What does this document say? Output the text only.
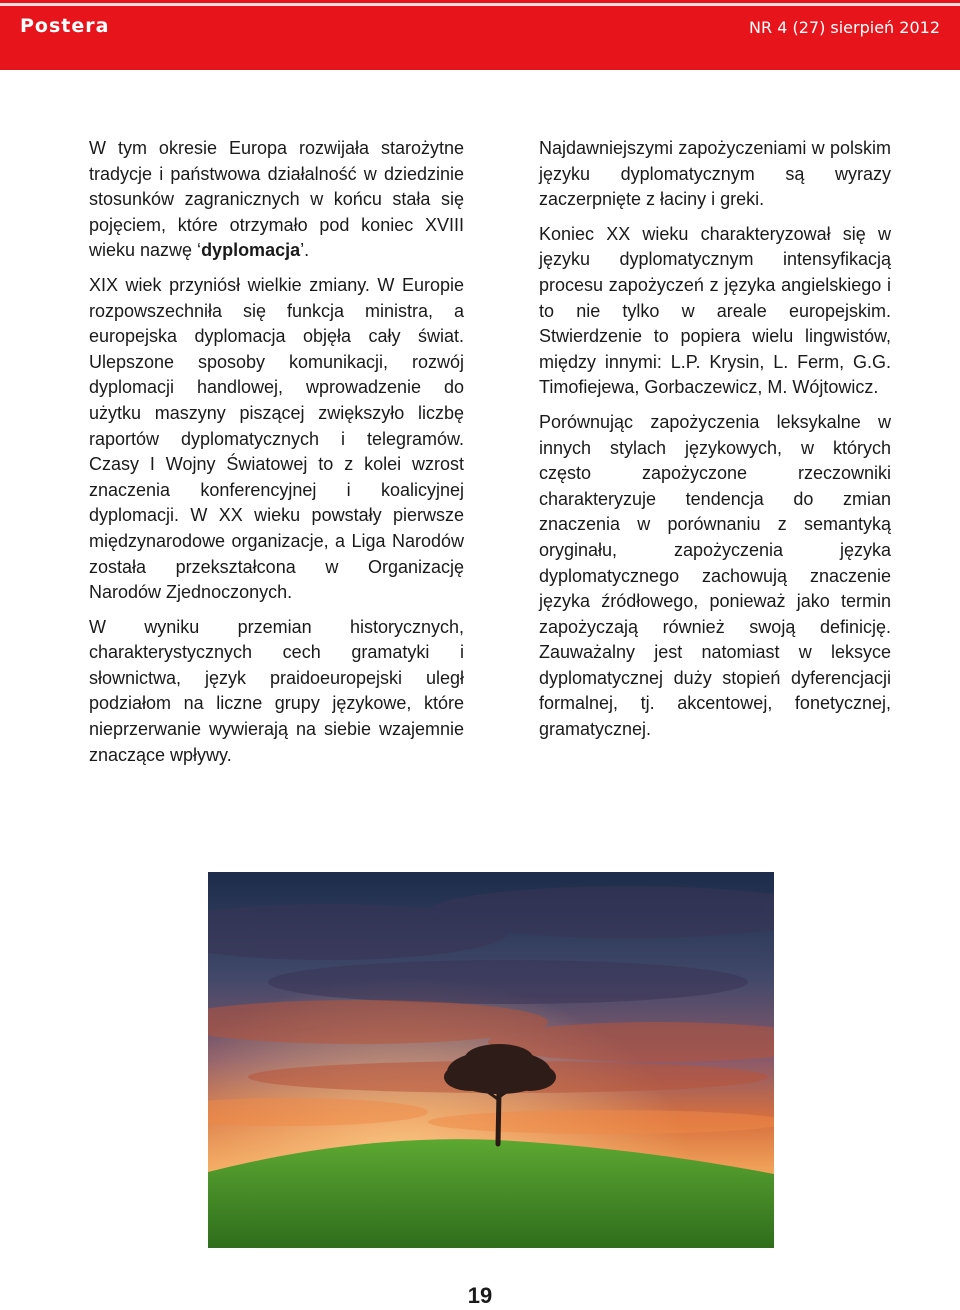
Postera	NR 4 (27) sierpień 2012

W tym okresie Europa rozwijała starożytne tradycje i państwowa działalność w dziedzinie stosunków zagranicznych w końcu stała się pojęciem, które otrzymało pod koniec XVIII wieku nazwę ‘dyplomacja’.

XIX wiek przyniósł wielkie zmiany. W Europie rozpowszechniła się funkcja ministra, a europejska dyplomacja objęła cały świat. Ulepszone sposoby komunikacji, rozwój dyplomacji handlowej, wprowadzenie do użytku maszyny piszącej zwiększyło liczbę raportów dyplomatycznych i telegramów. Czasy I Wojny Światowej to z kolei wzrost znaczenia konferencyjnej i koalicyjnej dyplomacji. W XX wieku powstały pierwsze międzynarodowe organizacje, a Liga Narodów została przekształcona w Organizację Narodów Zjednoczonych.

W wyniku przemian historycznych, charakterystycznych cech gramatyki i słownictwa, język praidoeuropejski uległ podziałom na liczne grupy językowe, które nieprzerwanie wywierają na siebie wzajemnie znaczące wpływy.

Najdawniejszymi zapożyczeniami w polskim języku dyplomatycznym są wyrazy zaczerpnięte z łaciny i greki.

Koniec XX wieku charakteryzował się w języku dyplomatycznym intensyfikacją procesu zapożyczeń z języka angielskiego i to nie tylko w areale europejskim. Stwierdzenie to popiera wielu lingwistów, między innymi: L.P. Krysin, L. Ferm, G.G. Timofiejewa, Gorbaczewicz, M. Wójtowicz.

Porównując zapożyczenia leksykalne w innych stylach językowych, w których często zapożyczone rzeczowniki charakteryzuje tendencja do zmian znaczenia w porównaniu z semantyką oryginału, zapożyczenia języka dyplomatycznego zachowują znaczenie języka źródłowego, ponieważ jako termin zapożyczają również swoją definicję. Zauważalny jest natomiast w leksyce dyplomatycznej duży stopień dyferencjacji formalnej, tj. akcentowej, fonetycznej, gramatycznej.

19
